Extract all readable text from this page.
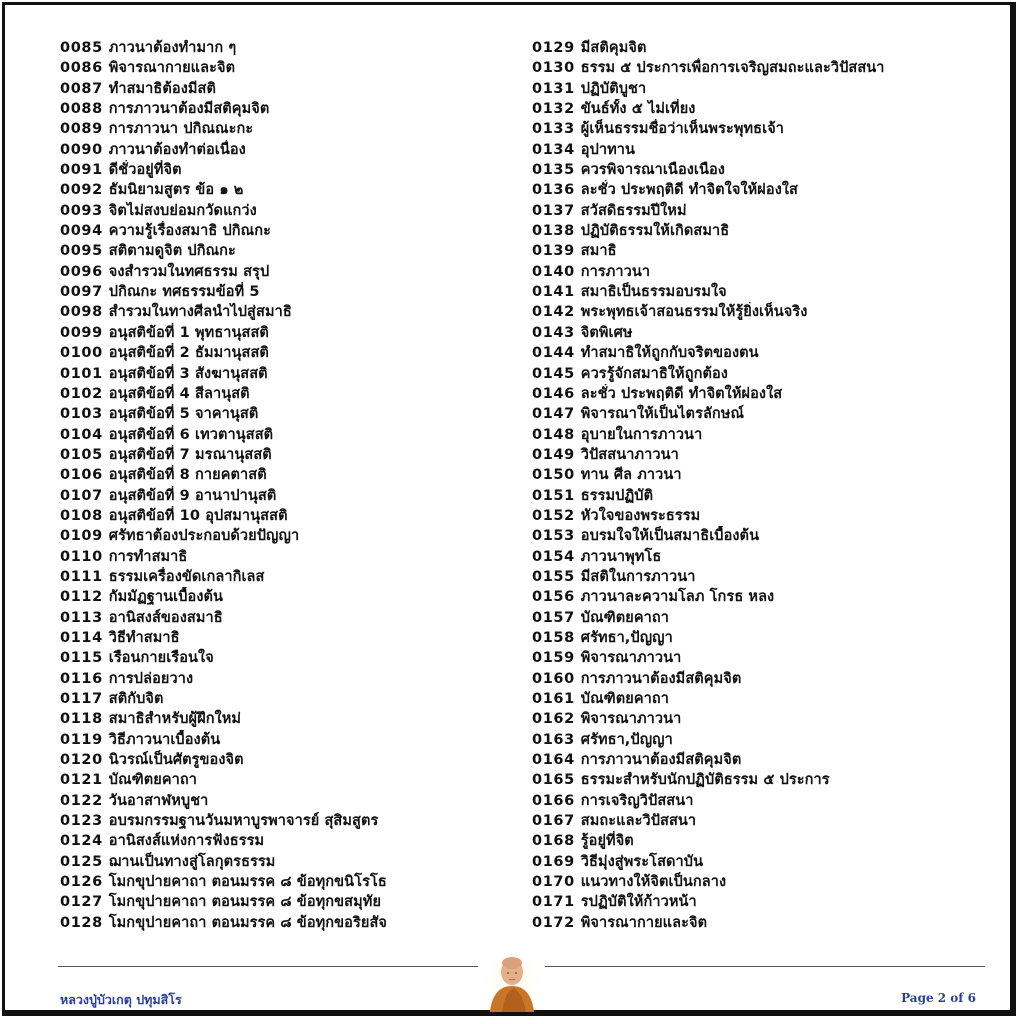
0085 ภาวนาต้องทำมาก ๆ
0086 พิจารณากายและจิต
0087 ทำสมาธิต้องมีสติ
0088 การภาวนาต้องมีสติคุมจิต
0089 การภาวนา ปกิณณะกะ
0090 ภาวนาต้องทำต่อเนื่อง
0091 ดีชั่วอยู่ที่จิต
0092 ธัมนิยามสูตร ข้อ ๑ ๒
0093 จิตไม่สงบย่อมกวัดแกว่ง
0094 ความรู้เรื่องสมาธิ ปกิณกะ
0095 สติตามดูจิต ปกิณกะ
0096 จงสำรวมในทศธรรม สรุป
0097 ปกิณกะ ทศธรรมข้อที่ 5
0098 สำรวมในทางศีลนำไปสู่สมาธิ
0099 อนุสติข้อที่ 1 พุทธานุสสติ
0100 อนุสติข้อที่ 2 ธัมมานุสสติ
0101 อนุสติข้อที่ 3 สังฆานุสสติ
0102 อนุสติข้อที่ 4 สีลานุสติ
0103 อนุสติข้อที่ 5 จาคานุสติ
0104 อนุสติข้อที่ 6 เทวตานุสสติ
0105 อนุสติข้อที่ 7 มรณานุสสติ
0106 อนุสติข้อที่ 8 กายคตาสติ
0107 อนุสติข้อที่ 9 อานาปานุสติ
0108 อนุสติข้อที่ 10 อุปสมานุสสติ
0109 ศรัทธาต้องประกอบด้วยปัญญา
0110 การทำสมาธิ
0111 ธรรมเครื่องขัดเกลากิเลส
0112 กัมมัฏฐานเบื้องต้น
0113 อานิสงส์ของสมาธิ
0114 วิธีทำสมาธิ
0115 เรือนกายเรือนใจ
0116 การปล่อยวาง
0117 สติกับจิต
0118 สมาธิสำหรับผู้ฝึกใหม่
0119 วิธีภาวนาเบื้องต้น
0120 นิวรณ์เป็นศัตรูของจิต
0121 บัณฑิตยคาถา
0122 วันอาสาฬหบูชา
0123 อบรมกรรมฐานวันมหาบูรพาจารย์ สุสิมสูตร
0124 อานิสงส์แห่งการฟังธรรม
0125 ฌานเป็นทางสู่โลกุตรธรรม
0126 โมกขุปายคาถา ตอนมรรค ๘ ข้อทุกขนิโรโธ
0127 โมกขุปายคาถา ตอนมรรค ๘ ข้อทุกขสมุทัย
0128 โมกขุปายคาถา ตอนมรรค ๘ ข้อทุกขอริยสัจ
0129 มีสติคุมจิต
0130 ธรรม ๕ ประการเพื่อการเจริญสมถะและวิปัสสนา
0131 ปฏิบัติบูชา
0132 ขันธ์ทั้ง ๕ ไม่เที่ยง
0133 ผู้เห็นธรรมชื่อว่าเห็นพระพุทธเจ้า
0134 อุปาทาน
0135 ควรพิจารณาเนืองเนือง
0136 ละชั่ว ประพฤติดี ทำจิตใจให้ผ่องใส
0137 สวัสดิธรรมปีใหม่
0138 ปฏิบัติธรรมให้เกิดสมาธิ
0139 สมาธิ
0140 การภาวนา
0141 สมาธิเป็นธรรมอบรมใจ
0142 พระพุทธเจ้าสอนธรรมให้รู้ยิ่งเห็นจริง
0143 จิตพิเศษ
0144 ทำสมาธิให้ถูกกับจริตของตน
0145 ควรรู้จักสมาธิให้ถูกต้อง
0146 ละชั่ว ประพฤติดี ทำจิตให้ผ่องใส
0147 พิจารณาให้เป็นไตรลักษณ์
0148 อุบายในการภาวนา
0149 วิปัสสนาภาวนา
0150 ทาน ศีล ภาวนา
0151 ธรรมปฏิบัติ
0152 หัวใจของพระธรรม
0153 อบรมใจให้เป็นสมาธิเบื้องต้น
0154 ภาวนาพุทโธ
0155 มีสติในการภาวนา
0156 ภาวนาละความโลภ โกรธ หลง
0157 บัณฑิตยคาถา
0158 ศรัทธา,ปัญญา
0159 พิจารณาภาวนา
0160 การภาวนาต้องมีสติคุมจิต
0161 บัณฑิตยคาถา
0162 พิจารณาภาวนา
0163 ศรัทธา,ปัญญา
0164 การภาวนาต้องมีสติคุมจิต
0165 ธรรมะสำหรับนักปฏิบัติธรรม ๕ ประการ
0166 การเจริญวิปัสสนา
0167 สมถะและวิปัสสนา
0168 รู้อยู่ที่จิต
0169 วิธีมุ่งสู่พระโสดาบัน
0170 แนวทางให้จิตเป็นกลาง
0171 รปฏิบัติให้ก้าวหน้า
0172 พิจารณากายและจิต
หลวงปู่บัวเกตุ ปทุมสิโร	Page 2 of 6
